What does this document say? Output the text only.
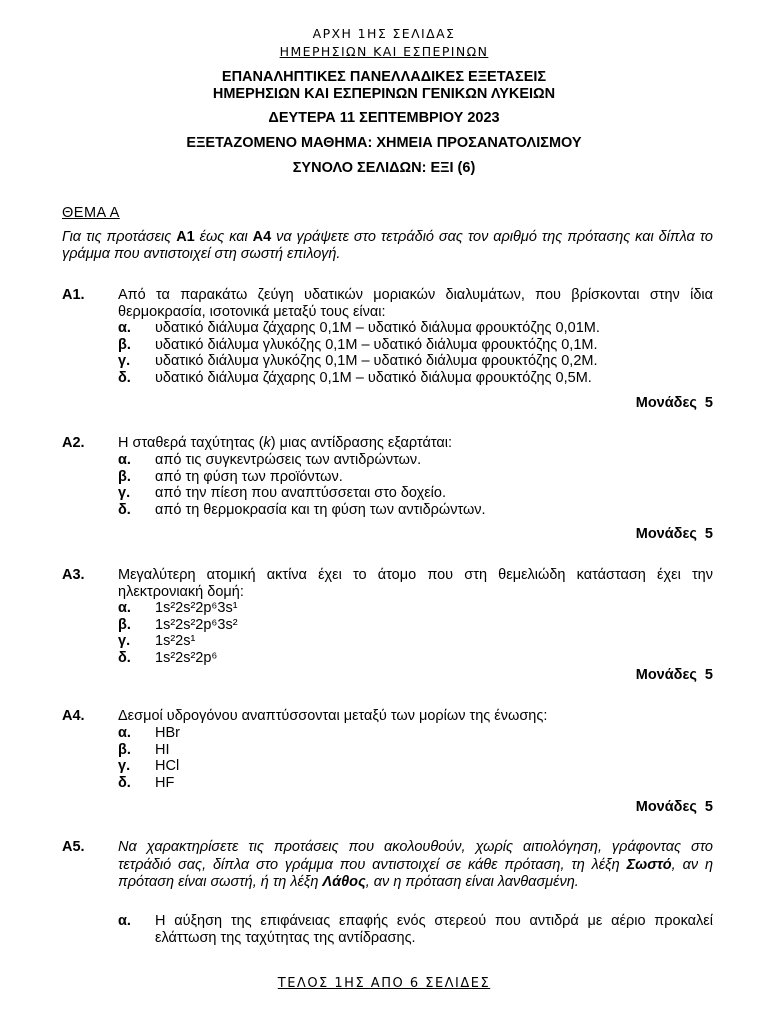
ΑΡΧΗ 1ΗΣ ΣΕΛΙΔΑΣ
ΗΜΕΡΗΣΙΩΝ ΚΑΙ ΕΣΠΕΡΙΝΩΝ
ΕΠΑΝΑΛΗΠΤΙΚΕΣ ΠΑΝΕΛΛΑΔΙΚΕΣ ΕΞΕΤΑΣΕΙΣ
ΗΜΕΡΗΣΙΩΝ ΚΑΙ ΕΣΠΕΡΙΝΩΝ ΓΕΝΙΚΩΝ ΛΥΚΕΙΩΝ
ΔΕΥΤΕΡΑ 11 ΣΕΠΤΕΜΒΡΙΟΥ 2023
ΕΞΕΤΑΖΟΜΕΝΟ ΜΑΘΗΜΑ: ΧΗΜΕΙΑ ΠΡΟΣΑΝΑΤΟΛΙΣΜΟΥ
ΣΥΝΟΛΟ ΣΕΛΙΔΩΝ: ΕΞΙ (6)
ΘΕΜΑ Α
Για τις προτάσεις Α1 έως και Α4 να γράψετε στο τετράδιό σας τον αριθμό της πρότασης και δίπλα το γράμμα που αντιστοιχεί στη σωστή επιλογή.
Α1. Από τα παρακάτω ζεύγη υδατικών μοριακών διαλυμάτων, που βρίσκονται στην ίδια θερμοκρασία, ισοτονικά μεταξύ τους είναι:
α. υδατικό διάλυμα ζάχαρης 0,1M – υδατικό διάλυμα φρουκτόζης 0,01M.
β. υδατικό διάλυμα γλυκόζης 0,1M – υδατικό διάλυμα φρουκτόζης 0,1M.
γ. υδατικό διάλυμα γλυκόζης 0,1M – υδατικό διάλυμα φρουκτόζης 0,2M.
δ. υδατικό διάλυμα ζάχαρης 0,1M – υδατικό διάλυμα φρουκτόζης 0,5M.
Μονάδες 5
Α2. Η σταθερά ταχύτητας (k) μιας αντίδρασης εξαρτάται:
α. από τις συγκεντρώσεις των αντιδρώντων.
β. από τη φύση των προϊόντων.
γ. από την πίεση που αναπτύσσεται στο δοχείο.
δ. από τη θερμοκρασία και τη φύση των αντιδρώντων.
Μονάδες 5
Α3. Μεγαλύτερη ατομική ακτίνα έχει το άτομο που στη θεμελιώδη κατάσταση έχει την ηλεκτρονιακή δομή:
α. 1s²2s²2p⁶3s¹
β. 1s²2s²2p⁶3s²
γ. 1s²2s¹
δ. 1s²2s²2p⁶
Μονάδες 5
Α4. Δεσμοί υδρογόνου αναπτύσσονται μεταξύ των μορίων της ένωσης:
α. HBr
β. HI
γ. HCl
δ. HF
Μονάδες 5
Α5. Να χαρακτηρίσετε τις προτάσεις που ακολουθούν, χωρίς αιτιολόγηση, γράφοντας στο τετράδιό σας, δίπλα στο γράμμα που αντιστοιχεί σε κάθε πρόταση, τη λέξη Σωστό, αν η πρόταση είναι σωστή, ή τη λέξη Λάθος, αν η πρόταση είναι λανθασμένη.
α.	Η αύξηση της επιφάνειας επαφής ενός στερεού που αντιδρά με αέριο προκαλεί ελάττωση της ταχύτητας της αντίδρασης.
ΤΕΛΟΣ 1ΗΣ ΑΠΟ 6 ΣΕΛΙΔΕΣ
